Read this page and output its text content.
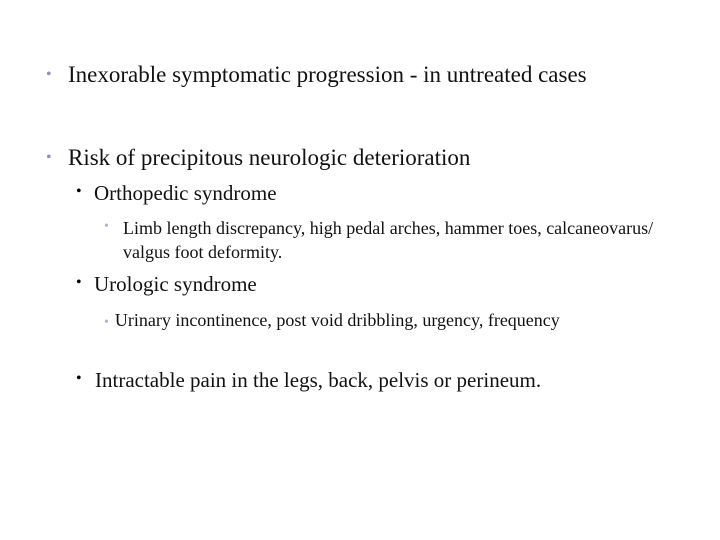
• Inexorable symptomatic progression - in untreated cases
• Risk of precipitous neurologic deterioration
• Orthopedic syndrome
• Limb length discrepancy, high pedal arches, hammer toes, calcaneovarus/ valgus foot deformity.
• Urologic syndrome
• Urinary incontinence, post void dribbling, urgency, frequency
• Intractable pain in the legs, back, pelvis or perineum.
